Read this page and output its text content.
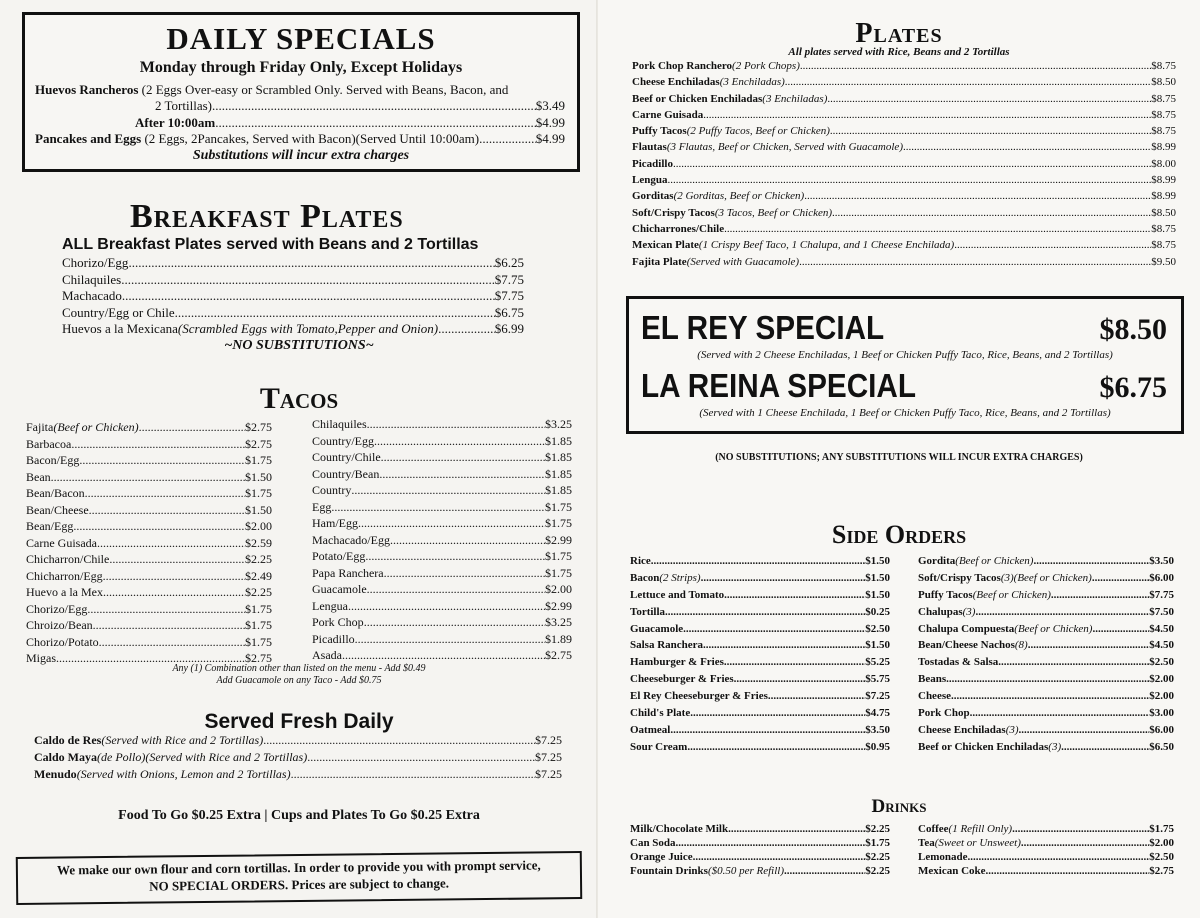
DAILY SPECIALS
Monday through Friday Only, Except Holidays
Huevos Rancheros (2 Eggs Over-easy or Scrambled Only. Served with Beans, Bacon, and
2 Tortillas) .....	$3.49
After 10:00am .....	$4.99
Pancakes and Eggs (2 Eggs, 2Pancakes, Served with Bacon)(Served Until 10:00am) .....	$4.99
Substitutions will incur extra charges
Breakfast Plates
ALL Breakfast Plates served with Beans and 2 Tortillas
Chorizo/Egg .....	$6.25
Chilaquiles .....	$7.75
Machacado .....	$7.75
Country/Egg or Chile .....	$6.75
Huevos a la Mexicana(Scrambled Eggs with Tomato,Pepper and Onion) .....	$6.99
~NO SUBSTITUTIONS~
Tacos
Fajita(Beef or Chicken) .....	$2.75
Barbacoa .....	$2.75
Bacon/Egg .....	$1.75
Bean .....	$1.50
Bean/Bacon .....	$1.75
Bean/Cheese .....	$1.50
Bean/Egg .....	$2.00
Carne Guisada .....	$2.59
Chicharron/Chile .....	$2.25
Chicharron/Egg .....	$2.49
Huevo a la Mex .....	$2.25
Chorizo/Egg .....	$1.75
Chroizo/Bean .....	$1.75
Chorizo/Potato .....	$1.75
Migas .....	$2.75
Chilaquiles .....	$3.25
Country/Egg .....	$1.85
Country/Chile .....	$1.85
Country/Bean .....	$1.85
Country .....	$1.85
Egg .....	$1.75
Ham/Egg .....	$1.75
Machacado/Egg .....	$2.99
Potato/Egg .....	$1.75
Papa Ranchera .....	$1.75
Guacamole .....	$2.00
Lengua .....	$2.99
Pork Chop .....	$3.25
Picadillo .....	$1.89
Asada .....	$2.75
Any (1) Combination other than listed on the menu - Add $0.49
Add Guacamole on any Taco - Add $0.75
Served Fresh Daily
Caldo de Res(Served with Rice and 2 Tortillas) .....	$7.25
Caldo Maya(de Pollo)(Served with Rice and 2 Tortillas) .....	$7.25
Menudo(Served with Onions, Lemon and 2 Tortillas) .....	$7.25
Food To Go $0.25 Extra | Cups and Plates To Go $0.25 Extra
We make our own flour and corn tortillas. In order to provide you with prompt service,
NO SPECIAL ORDERS. Prices are subject to change.
Plates
All plates served with Rice, Beans and 2 Tortillas
Pork Chop Ranchero(2 Pork Chops) .....	$8.75
Cheese Enchiladas(3 Enchiladas) .....	$8.50
Beef or Chicken Enchiladas(3 Enchiladas) .....	$8.75
Carne Guisada .....	$8.75
Puffy Tacos(2 Puffy Tacos, Beef or Chicken) .....	$8.75
Flautas(3 Flautas, Beef or Chicken, Served with Guacamole) .....	$8.99
Picadillo .....	$8.00
Lengua .....	$8.99
Gorditas(2 Gorditas, Beef or Chicken) .....	$8.99
Soft/Crispy Tacos(3 Tacos, Beef or Chicken) .....	$8.50
Chicharrones/Chile .....	$8.75
Mexican Plate(1 Crispy Beef Taco, 1 Chalupa, and 1 Cheese Enchilada) .....	$8.75
Fajita Plate(Served with Guacamole) .....	$9.50
EL REY SPECIAL	$8.50
(Served with 2 Cheese Enchiladas, 1 Beef or Chicken Puffy Taco, Rice, Beans, and 2 Tortillas)
LA REINA SPECIAL	$6.75
(Served with 1 Cheese Enchilada, 1 Beef or Chicken Puffy Taco, Rice, Beans, and 2 Tortillas)
(NO SUBSTITUTIONS; ANY SUBSTITUTIONS WILL INCUR EXTRA CHARGES)
Side Orders
Rice .....	$1.50
Bacon(2 Strips) .....	$1.50
Lettuce and Tomato .....	$1.50
Tortilla .....	$0.25
Guacamole .....	$2.50
Salsa Ranchera .....	$1.50
Hamburger & Fries .....	$5.25
Cheeseburger & Fries .....	$5.75
El Rey Cheeseburger & Fries .....	$7.25
Child's Plate .....	$4.75
Oatmeal .....	$3.50
Sour Cream .....	$0.95
Gordita(Beef or Chicken) .....	$3.50
Soft/Crispy Tacos(3)(Beef or Chicken) .....	$6.00
Puffy Tacos(Beef or Chicken) .....	$7.75
Chalupas(3) .....	$7.50
Chalupa Compuesta(Beef or Chicken) .....	$4.50
Bean/Cheese Nachos(8) .....	$4.50
Tostadas & Salsa .....	$2.50
Beans .....	$2.00
Cheese .....	$2.00
Pork Chop .....	$3.00
Cheese Enchiladas(3) .....	$6.00
Beef or Chicken Enchiladas(3) .....	$6.50
Drinks
Milk/Chocolate Milk .....	$2.25
Can Soda .....	$1.75
Orange Juice .....	$2.25
Fountain Drinks($0.50 per Refill) .....	$2.25
Coffee(1 Refill Only) .....	$1.75
Tea(Sweet or Unsweet) .....	$2.00
Lemonade .....	$2.50
Mexican Coke .....	$2.75
